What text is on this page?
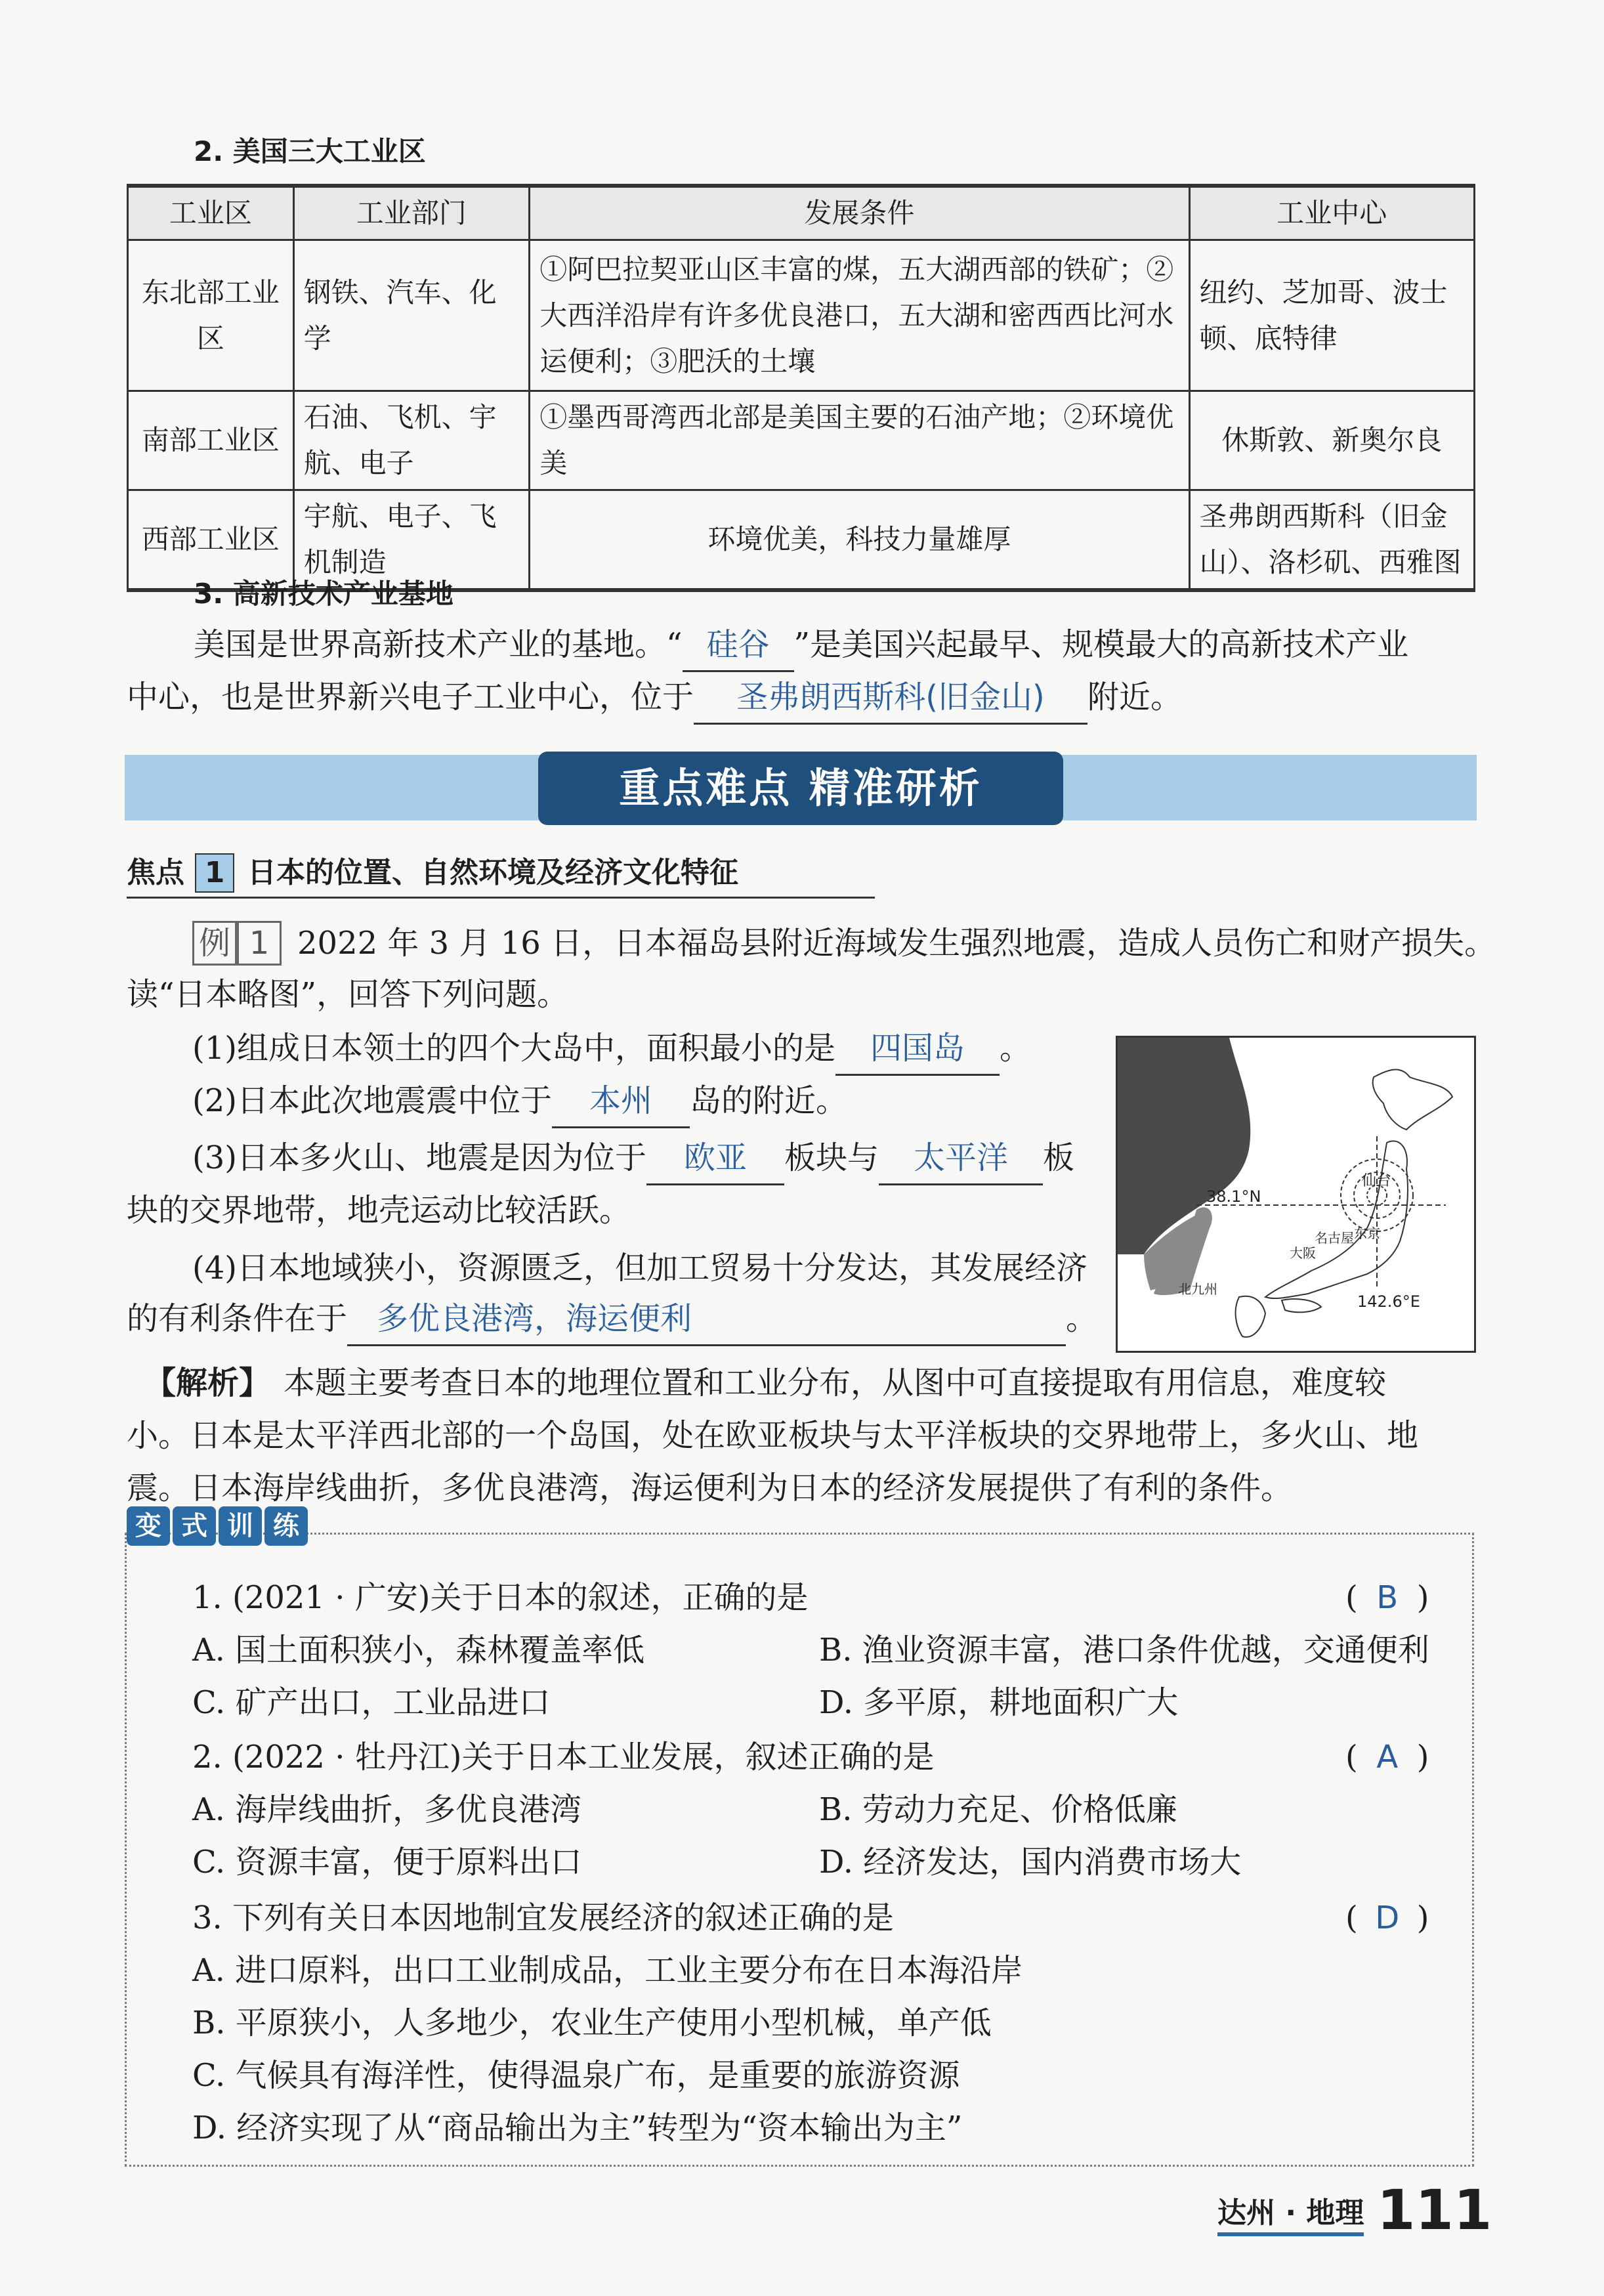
2. 美国三大工业区
工业区	工业部门	发展条件	工业中心
东北部工业区	钢铁、汽车、化学	①阿巴拉契亚山区丰富的煤，五大湖西部的铁矿；②大西洋沿岸有许多优良港口，五大湖和密西西比河水运便利；③肥沃的土壤	纽约、芝加哥、波士顿、底特律
南部工业区	石油、飞机、宇航、电子	①墨西哥湾西北部是美国主要的石油产地；②环境优美	休斯敦、新奥尔良
西部工业区	宇航、电子、飞机制造	环境优美，科技力量雄厚	圣弗朗西斯科（旧金山）、洛杉矶、西雅图
3. 高新技术产业基地
美国是世界高新技术产业的基地。“ 硅谷 ”是美国兴起最早、规模最大的高新技术产业
中心，也是世界新兴电子工业中心，位于 圣弗朗西斯科(旧金山) 附近。
重点难点 精准研析
焦点 1 日本的位置、自然环境及经济文化特征
例 1 2022 年 3 月 16 日，日本福岛县附近海域发生强烈地震，造成人员伤亡和财产损失。
读“日本略图”，回答下列问题。
(1)组成日本领土的四个大岛中，面积最小的是 四国岛 。
(2)日本此次地震震中位于 本州 岛的附近。
(3)日本多火山、地震是因为位于 欧亚 板块与 太平洋 板
块的交界地带，地壳运动比较活跃。
(4)日本地域狭小，资源匮乏，但加工贸易十分发达，其发展经济
的有利条件在于 多优良港湾，海运便利	。
38.1°N
142.6°E
仙台
东京
名古屋
大阪
北九州
【解析】 本题主要考查日本的地理位置和工业分布，从图中可直接提取有用信息，难度较
小。日本是太平洋西北部的一个岛国，处在欧亚板块与太平洋板块的交界地带上，多火山、地
震。日本海岸线曲折，多优良港湾，海运便利为日本的经济发展提供了有利的条件。
变 式 训 练
1. (2021 · 广安)关于日本的叙述，正确的是	( B )
A. 国土面积狭小，森林覆盖率低	B. 渔业资源丰富，港口条件优越，交通便利
C. 矿产出口，工业品进口	D. 多平原，耕地面积广大
2. (2022 · 牡丹江)关于日本工业发展，叙述正确的是	( A )
A. 海岸线曲折，多优良港湾	B. 劳动力充足、价格低廉
C. 资源丰富，便于原料出口	D. 经济发达，国内消费市场大
3. 下列有关日本因地制宜发展经济的叙述正确的是	( D )
A. 进口原料，出口工业制成品，工业主要分布在日本海沿岸
B. 平原狭小，人多地少，农业生产使用小型机械，单产低
C. 气候具有海洋性，使得温泉广布，是重要的旅游资源
D. 经济实现了从“商品输出为主”转型为“资本输出为主”
达州 · 地理 111
